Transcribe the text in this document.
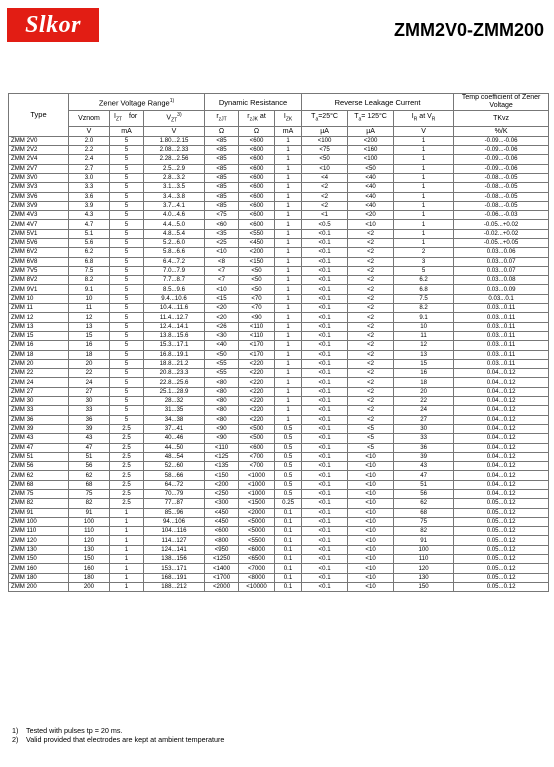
Slkor	ZMM2V0-ZMM200
Type	Zener Voltage Range$^{1)}$			Dynamic Resistance			Reverse Leakage Current			Temp coefficient of Zener Voltage
	Vznom	$I_{ZT}$ for	$V_{ZT}^{3)}$	$r_{zJT}$	$r_{zJK}$ at	$I_{ZK}$	$T_a=25^\circ C$	$T_a= 125^\circ C$	$I_R$ at $V_R$	TKvz
	V	mA	V	Ω	Ω	mA	µA	µA	V	%/K
ZMM 2V0	2.0	5	1.80...2.15	<85	<600	1	<100	<200	1	-0.09...-0.06
ZMM 2V2	2.2	5	2.08...2.33	<85	<600	1	<75	<160	1	-0.09...-0.06
ZMM 2V4	2.4	5	2.28...2.56	<85	<600	1	<50	<100	1	-0.09...-0.06
ZMM 2V7	2.7	5	2.5...2.9	<85	<600	1	<10	<50	1	-0.09...-0.06
ZMM 3V0	3.0	5	2.8...3.2	<85	<600	1	<4	<40	1	-0.08...-0.05
ZMM 3V3	3.3	5	3.1...3.5	<85	<600	1	<2	<40	1	-0.08...-0.05
ZMM 3V6	3.6	5	3.4...3.8	<85	<600	1	<2	<40	1	-0.08...-0.05
ZMM 3V9	3.9	5	3.7...4.1	<85	<600	1	<2	<40	1	-0.08...-0.05
ZMM 4V3	4.3	5	4.0...4.6	<75	<600	1	<1	<20	1	-0.06...-0.03
ZMM 4V7	4.7	5	4.4...5.0	<60	<600	1	<0.5	<10	1	-0.05...+0.02
ZMM 5V1	5.1	5	4.8...5.4	<35	<550	1	<0.1	<2	1	-0.02...+0.02
ZMM 5V6	5.6	5	5.2...6.0	<25	<450	1	<0.1	<2	1	-0.05...+0.05
ZMM 6V2	6.2	5	5.8...6.6	<10	<200	1	<0.1	<2	2	0.03...0.06
ZMM 6V8	6.8	5	6.4...7.2	<8	<150	1	<0.1	<2	3	0.03...0.07
ZMM 7V5	7.5	5	7.0...7.9	<7	<50	1	<0.1	<2	5	0.03...0.07
ZMM 8V2	8.2	5	7.7...8.7	<7	<50	1	<0.1	<2	6.2	0.03...0.08
ZMM 9V1	9.1	5	8.5...9.6	<10	<50	1	<0.1	<2	6.8	0.03...0.09
ZMM 10	10	5	9.4...10.6	<15	<70	1	<0.1	<2	7.5	0.03...0.1
ZMM 11	11	5	10.4...11.6	<20	<70	1	<0.1	<2	8.2	0.03...0.11
ZMM 12	12	5	11.4...12.7	<20	<90	1	<0.1	<2	9.1	0.03...0.11
ZMM 13	13	5	12.4...14.1	<26	<110	1	<0.1	<2	10	0.03...0.11
ZMM 15	15	5	13.8...15.6	<30	<110	1	<0.1	<2	11	0.03...0.11
ZMM 16	16	5	15.3...17.1	<40	<170	1	<0.1	<2	12	0.03...0.11
ZMM 18	18	5	16.8...19.1	<50	<170	1	<0.1	<2	13	0.03...0.11
ZMM 20	20	5	18.8...21.2	<55	<220	1	<0.1	<2	15	0.03...0.11
ZMM 22	22	5	20.8...23.3	<55	<220	1	<0.1	<2	16	0.04...0.12
ZMM 24	24	5	22.8...25.6	<80	<220	1	<0.1	<2	18	0.04...0.12
ZMM 27	27	5	25.1...28.9	<80	<220	1	<0.1	<2	20	0.04...0.12
ZMM 30	30	5	28...32	<80	<220	1	<0.1	<2	22	0.04...0.12
ZMM 33	33	5	31...35	<80	<220	1	<0.1	<2	24	0.04...0.12
ZMM 36	36	5	34...38	<80	<220	1	<0.1	<2	27	0.04...0.12
ZMM 39	39	2.5	37...41	<90	<500	0.5	<0.1	<5	30	0.04...0.12
ZMM 43	43	2.5	40...46	<90	<500	0.5	<0.1	<5	33	0.04...0.12
ZMM 47	47	2.5	44...50	<110	<600	0.5	<0.1	<5	36	0.04...0.12
ZMM 51	51	2.5	48...54	<125	<700	0.5	<0.1	<10	39	0.04...0.12
ZMM 56	56	2.5	52...60	<135	<700	0.5	<0.1	<10	43	0.04...0.12
ZMM 62	62	2.5	58...66	<150	<1000	0.5	<0.1	<10	47	0.04...0.12
ZMM 68	68	2.5	64...72	<200	<1000	0.5	<0.1	<10	51	0.04...0.12
ZMM 75	75	2.5	70...79	<250	<1000	0.5	<0.1	<10	56	0.04...0.12
ZMM 82	82	2.5	77...87	<300	<1500	0.25	<0.1	<10	62	0.05...0.12
ZMM 91	91	1	85...96	<450	<2000	0.1	<0.1	<10	68	0.05...0.12
ZMM 100	100	1	94...106	<450	<5000	0.1	<0.1	<10	75	0.05...0.12
ZMM 110	110	1	104...116	<600	<5000	0.1	<0.1	<10	82	0.05...0.12
ZMM 120	120	1	114...127	<800	<5500	0.1	<0.1	<10	91	0.05...0.12
ZMM 130	130	1	124...141	<950	<6000	0.1	<0.1	<10	100	0.05...0.12
ZMM 150	150	1	138...156	<1250	<6500	0.1	<0.1	<10	110	0.05...0.12
ZMM 160	160	1	153...171	<1400	<7000	0.1	<0.1	<10	120	0.05...0.12
ZMM 180	180	1	168...191	<1700	<8000	0.1	<0.1	<10	130	0.05...0.12
ZMM 200	200	1	188...212	<2000	<10000	0.1	<0.1	<10	150	0.05...0.12
1) Tested with pulses tp = 20 ms.
2) Valid provided that electrodes are kept at ambient temperature
